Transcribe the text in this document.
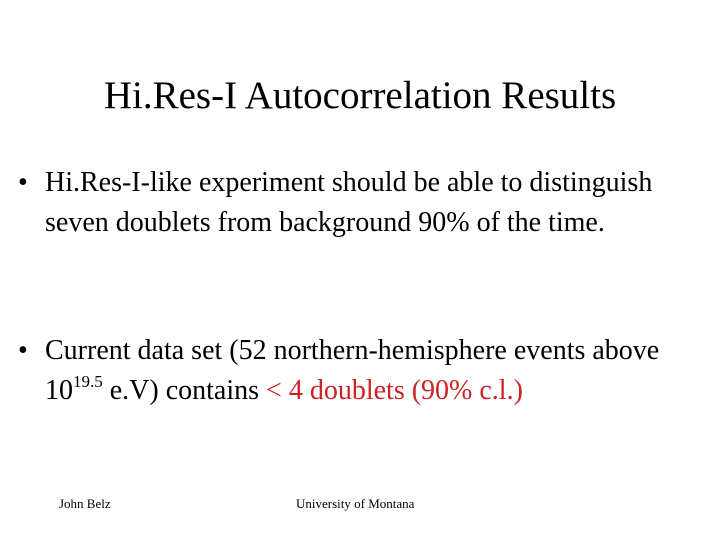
Hi.Res-I Autocorrelation Results
• Hi.Res-I-like experiment should be able to distinguish seven doublets from background 90% of the time.
• Current data set (52 northern-hemisphere events above $10^{19.5}$ e.V) contains < 4 doublets (90% c.l.)
John Belz	University of Montana
